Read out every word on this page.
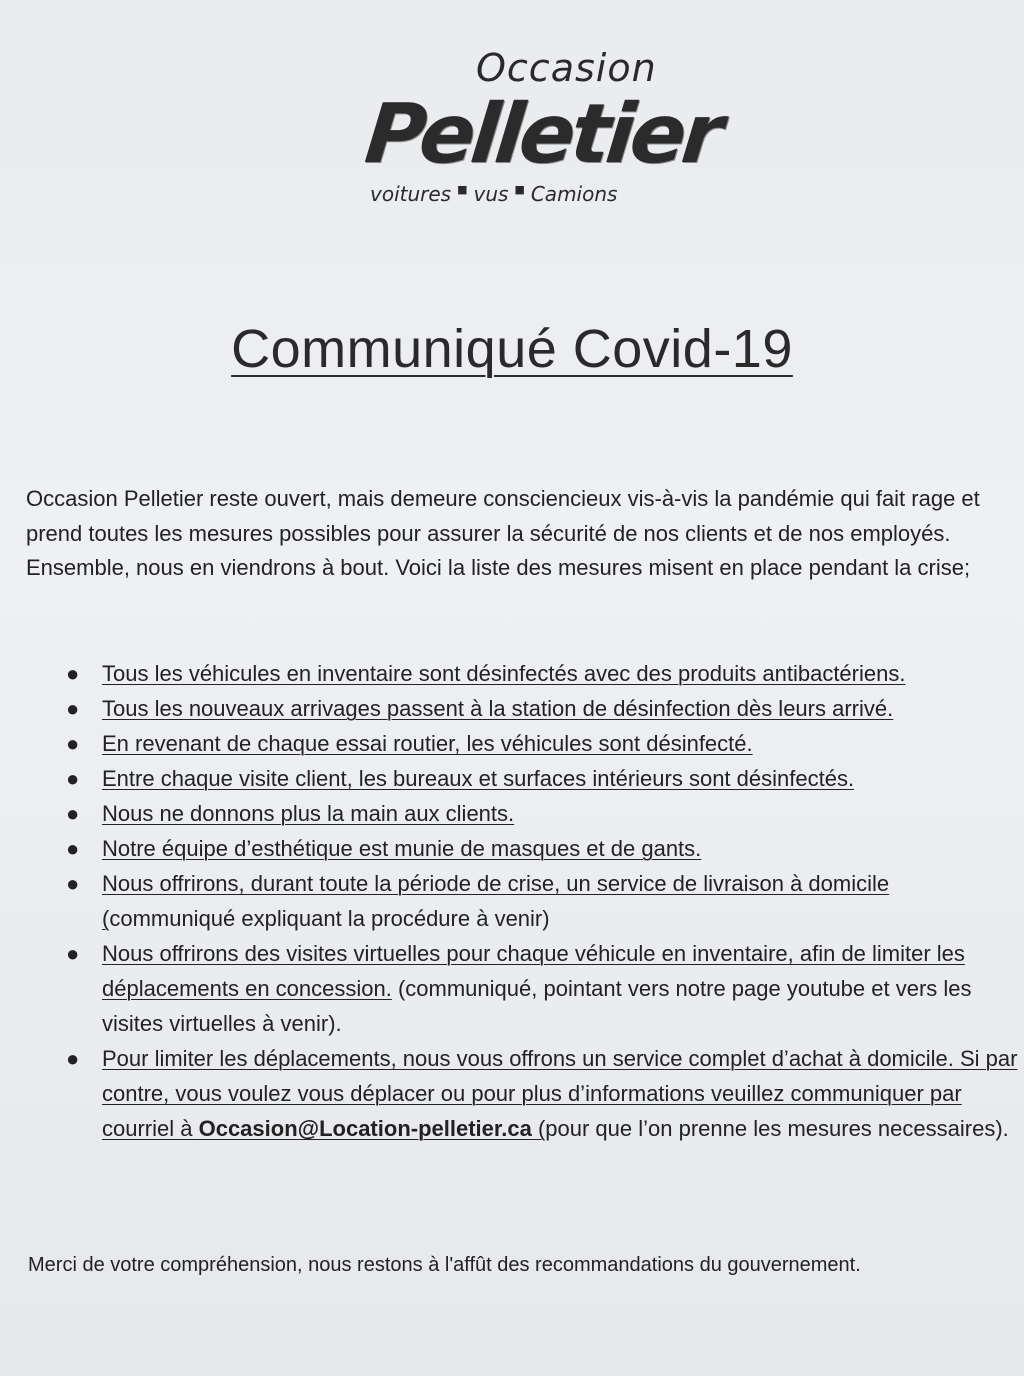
Occasion
Pelletier
voitures ■ vus ■ Camions
Communiqué Covid-19

Occasion Pelletier reste ouvert, mais demeure consciencieux vis-à-vis la pandémie qui fait rage et prend toutes les mesures possibles pour assurer la sécurité de nos clients et de nos employés. Ensemble, nous en viendrons à bout. Voici la liste des mesures misent en place pendant la crise;

● Tous les véhicules en inventaire sont désinfectés avec des produits antibactériens.
● Tous les nouveaux arrivages passent à la station de désinfection dès leurs arrivé.
● En revenant de chaque essai routier, les véhicules sont désinfecté.
● Entre chaque visite client, les bureaux et surfaces intérieurs sont désinfectés.
● Nous ne donnons plus la main aux clients.
● Notre équipe d’esthétique est munie de masques et de gants.
● Nous offrirons, durant toute la période de crise, un service de livraison à domicile (communiqué expliquant la procédure à venir)
● Nous offrirons des visites virtuelles pour chaque véhicule en inventaire, afin de limiter les déplacements en concession. (communiqué, pointant vers notre page youtube et vers les visites virtuelles à venir).
● Pour limiter les déplacements, nous vous offrons un service complet d’achat à domicile. Si par contre, vous voulez vous déplacer ou pour plus d’informations veuillez communiquer par courriel à Occasion@Location-pelletier.ca (pour que l’on prenne les mesures necessaires).

Merci de votre compréhension, nous restons à l'affût des recommandations du gouvernement.
